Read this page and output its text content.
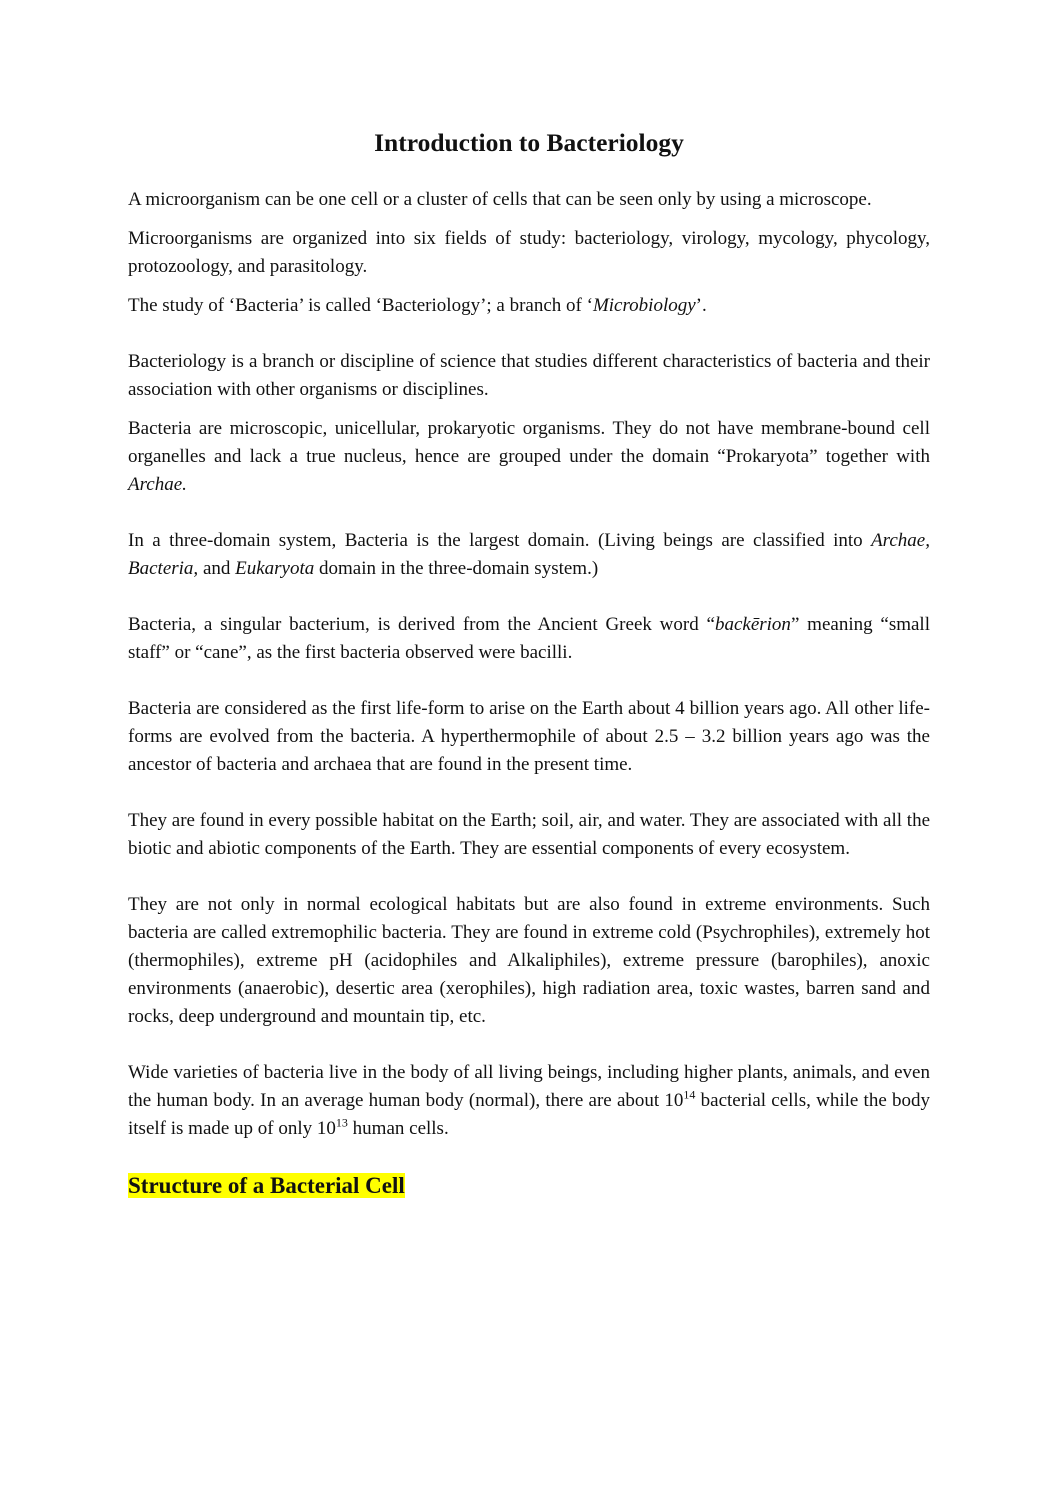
Introduction to Bacteriology

A microorganism can be one cell or a cluster of cells that can be seen only by using a microscope.

Microorganisms are organized into six fields of study: bacteriology, virology, mycology, phycology, protozoology, and parasitology.

The study of ‘Bacteria’ is called ‘Bacteriology’; a branch of ‘Microbiology’.

Bacteriology is a branch or discipline of science that studies different characteristics of bacteria and their association with other organisms or disciplines.

Bacteria are microscopic, unicellular, prokaryotic organisms. They do not have membrane-bound cell organelles and lack a true nucleus, hence are grouped under the domain “Prokaryota” together with Archae.

In a three-domain system, Bacteria is the largest domain. (Living beings are classified into Archae, Bacteria, and Eukaryota domain in the three-domain system.)

Bacteria, a singular bacterium, is derived from the Ancient Greek word “backērion” meaning “small staff” or “cane”, as the first bacteria observed were bacilli.

Bacteria are considered as the first life-form to arise on the Earth about 4 billion years ago. All other life-forms are evolved from the bacteria. A hyperthermophile of about 2.5 – 3.2 billion years ago was the ancestor of bacteria and archaea that are found in the present time.

They are found in every possible habitat on the Earth; soil, air, and water. They are associated with all the biotic and abiotic components of the Earth. They are essential components of every ecosystem.

They are not only in normal ecological habitats but are also found in extreme environments. Such bacteria are called extremophilic bacteria. They are found in extreme cold (Psychrophiles), extremely hot (thermophiles), extreme pH (acidophiles and Alkaliphiles), extreme pressure (barophiles), anoxic environments (anaerobic), desertic area (xerophiles), high radiation area, toxic wastes, barren sand and rocks, deep underground and mountain tip, etc.

Wide varieties of bacteria live in the body of all living beings, including higher plants, animals, and even the human body. In an average human body (normal), there are about $10^{14}$ bacterial cells, while the body itself is made up of only $10^{13}$ human cells.

Structure of a Bacterial Cell
